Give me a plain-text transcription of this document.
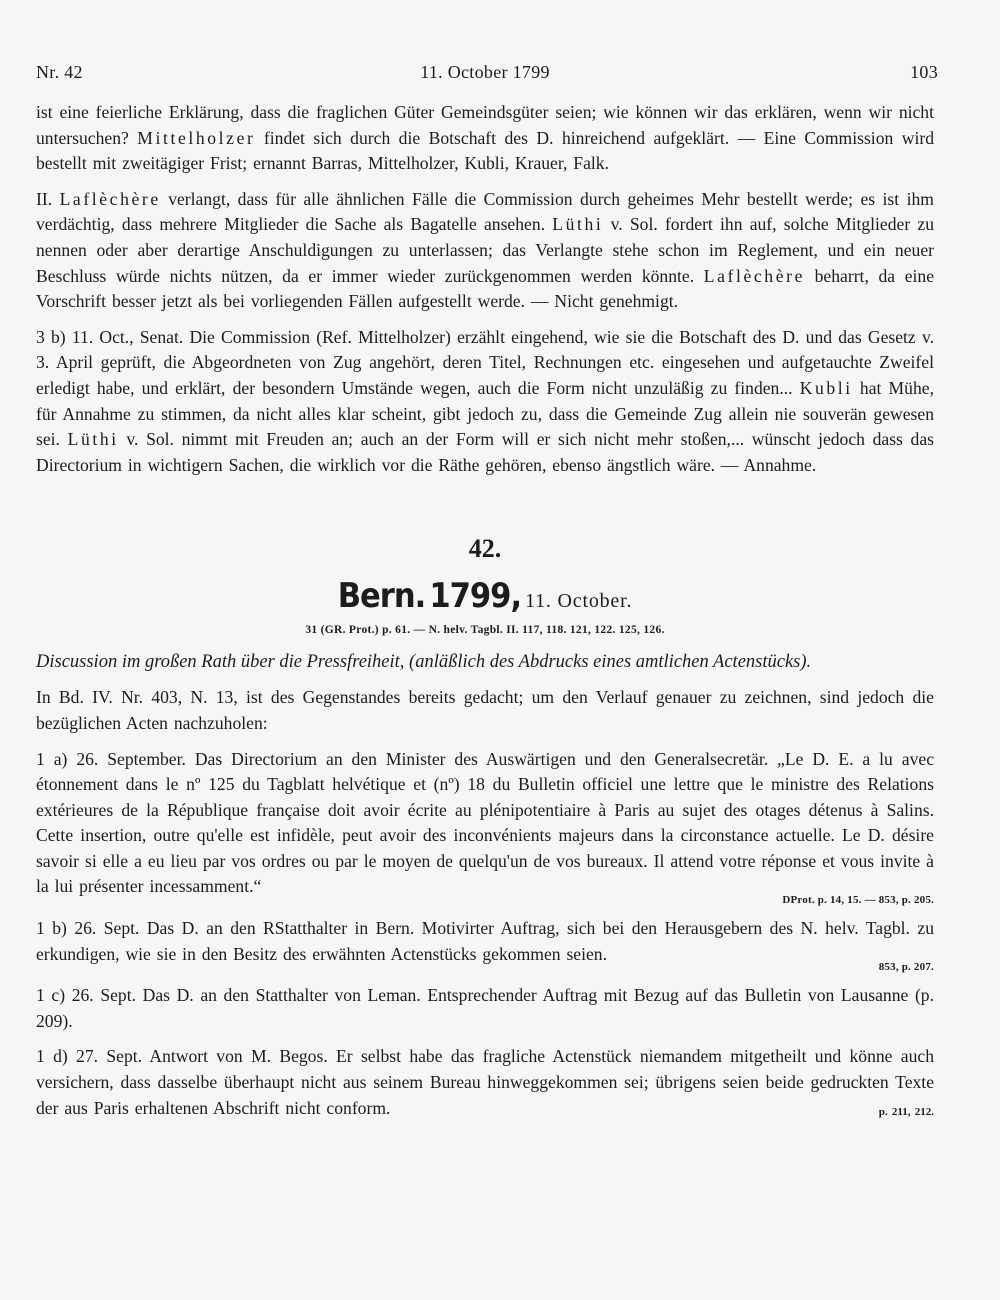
Nr. 42	11. October 1799	103

ist eine feierliche Erklärung, dass die fraglichen Güter Gemeindsgüter seien; wie können wir das erklären, wenn wir nicht untersuchen? Mittelholzer findet sich durch die Botschaft des D. hinreichend aufgeklärt. — Eine Commission wird bestellt mit zweitägiger Frist; ernannt Barras, Mittelholzer, Kubli, Krauer, Falk.

II. Laflèchère verlangt, dass für alle ähnlichen Fälle die Commission durch geheimes Mehr bestellt werde; es ist ihm verdächtig, dass mehrere Mitglieder die Sache als Bagatelle ansehen. Lüthi v. Sol. fordert ihn auf, solche Mitglieder zu nennen oder aber derartige Anschuldigungen zu unterlassen; das Verlangte stehe schon im Reglement, und ein neuer Beschluss würde nichts nützen, da er immer wieder zurückgenommen werden könnte. Laflèchère beharrt, da eine Vorschrift besser jetzt als bei vorliegenden Fällen aufgestellt werde. — Nicht genehmigt.

3 b) 11. Oct., Senat. Die Commission (Ref. Mittelholzer) erzählt eingehend, wie sie die Botschaft des D. und das Gesetz v. 3. April geprüft, die Abgeordneten von Zug angehört, deren Titel, Rechnungen etc. eingesehen und aufgetauchte Zweifel erledigt habe, und erklärt, der besondern Umstände wegen, auch die Form nicht unzuläßig zu finden... Kubli hat Mühe, für Annahme zu stimmen, da nicht alles klar scheint, gibt jedoch zu, dass die Gemeinde Zug allein nie souverän gewesen sei. Lüthi v. Sol. nimmt mit Freuden an; auch an der Form will er sich nicht mehr stoßen,... wünscht jedoch dass das Directorium in wichtigern Sachen, die wirklich vor die Räthe gehören, ebenso ängstlich wäre. — Annahme.

42.
Bern. 1799, 11. October.
31 (GR. Prot.) p. 61. — N. helv. Tagbl. II. 117, 118. 121, 122. 125, 126.
Discussion im großen Rath über die Pressfreiheit, (anläßlich des Abdrucks eines amtlichen Actenstücks).

In Bd. IV. Nr. 403, N. 13, ist des Gegenstandes bereits gedacht; um den Verlauf genauer zu zeichnen, sind jedoch die bezüglichen Acten nachzuholen:

1 a) 26. September. Das Directorium an den Minister des Auswärtigen und den Generalsecretär. „Le D. E. a lu avec étonnement dans le nº 125 du Tagblatt helvétique et (nº) 18 du Bulletin officiel une lettre que le ministre des Relations extérieures de la République française doit avoir écrite au plénipotentiaire à Paris au sujet des otages détenus à Salins. Cette insertion, outre qu'elle est infidèle, peut avoir des inconvénients majeurs dans la circonstance actuelle. Le D. désire savoir si elle a eu lieu par vos ordres ou par le moyen de quelqu'un de vos bureaux. Il attend votre réponse et vous invite à la lui présenter incessamment.“

DProt. p. 14, 15. — 853, p. 205.

1 b) 26. Sept. Das D. an den RStatthalter in Bern. Motivirter Auftrag, sich bei den Herausgebern des N. helv. Tagbl. zu erkundigen, wie sie in den Besitz des erwähnten Actenstücks gekommen seien.

853, p. 207.

1 c) 26. Sept. Das D. an den Statthalter von Leman. Entsprechender Auftrag mit Bezug auf das Bulletin von Lausanne (p. 209).

1 d) 27. Sept. Antwort von M. Begos. Er selbst habe das fragliche Actenstück niemandem mitgetheilt und könne auch versichern, dass dasselbe überhaupt nicht aus seinem Bureau hinweggekommen sei; übrigens seien beide gedruckten Texte der aus Paris erhaltenen Abschrift nicht conform.	p. 211, 212.
